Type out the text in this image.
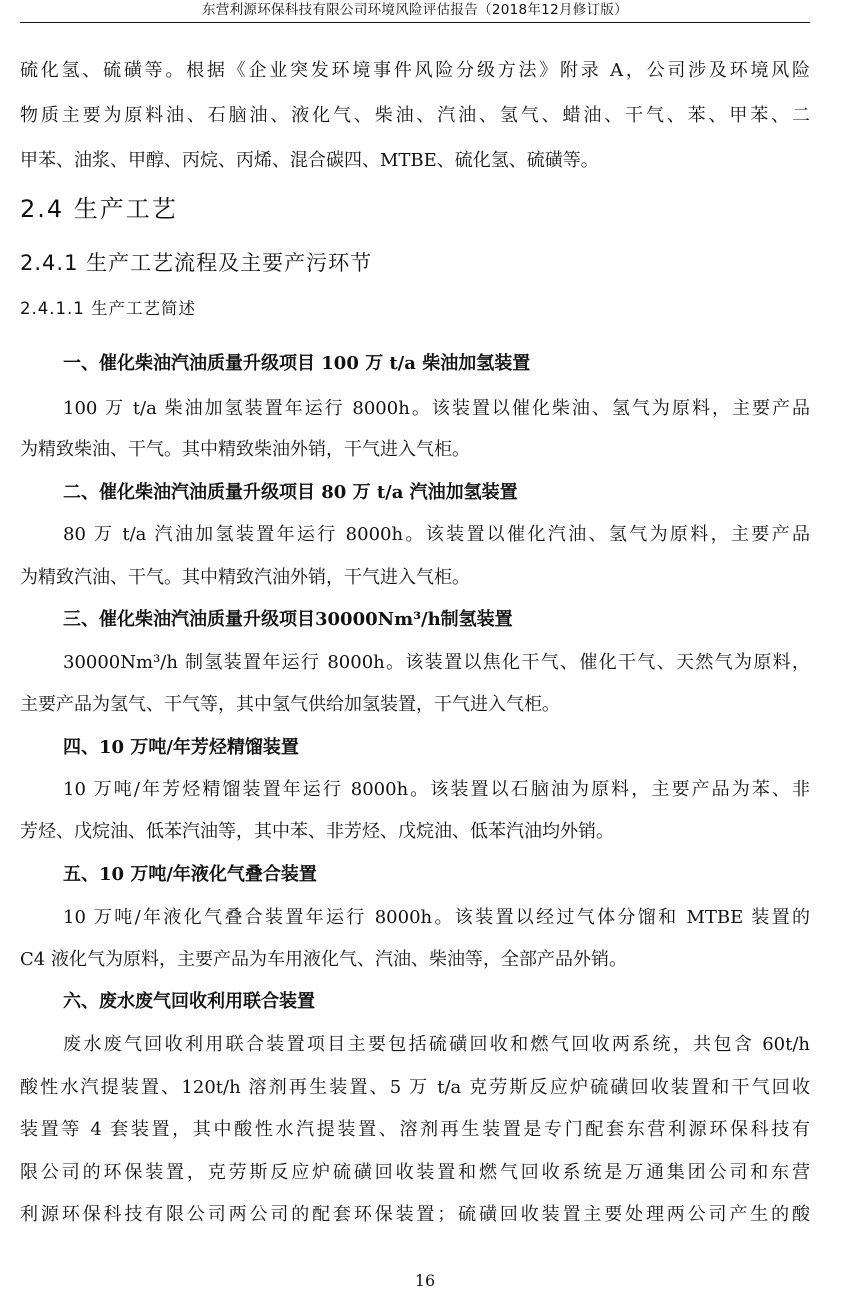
东营利源环保科技有限公司环境风险评估报告（2018年12月修订版）
硫化氢、硫磺等。根据《企业突发环境事件风险分级方法》附录 A，公司涉及环境风险
物质主要为原料油、石脑油、液化气、柴油、汽油、氢气、蜡油、干气、苯、甲苯、二
甲苯、油浆、甲醇、丙烷、丙烯、混合碳四、MTBE、硫化氢、硫磺等。
2.4 生产工艺
2.4.1 生产工艺流程及主要产污环节
2.4.1.1 生产工艺简述
一、催化柴油汽油质量升级项目 100 万 t/a 柴油加氢装置
100 万 t/a 柴油加氢装置年运行 8000h。该装置以催化柴油、氢气为原料，主要产品
为精致柴油、干气。其中精致柴油外销，干气进入气柜。
二、催化柴油汽油质量升级项目 80 万 t/a 汽油加氢装置
80 万 t/a 汽油加氢装置年运行 8000h。该装置以催化汽油、氢气为原料，主要产品
为精致汽油、干气。其中精致汽油外销，干气进入气柜。
三、催化柴油汽油质量升级项目30000Nm³/h制氢装置
30000Nm³/h 制氢装置年运行 8000h。该装置以焦化干气、催化干气、天然气为原料，
主要产品为氢气、干气等，其中氢气供给加氢装置，干气进入气柜。
四、10 万吨/年芳烃精馏装置
10 万吨/年芳烃精馏装置年运行 8000h。该装置以石脑油为原料，主要产品为苯、非
芳烃、戊烷油、低苯汽油等，其中苯、非芳烃、戊烷油、低苯汽油均外销。
五、10 万吨/年液化气叠合装置
10 万吨/年液化气叠合装置年运行 8000h。该装置以经过气体分馏和 MTBE 装置的
C4 液化气为原料，主要产品为车用液化气、汽油、柴油等，全部产品外销。
六、废水废气回收利用联合装置
废水废气回收利用联合装置项目主要包括硫磺回收和燃气回收两系统，共包含 60t/h
酸性水汽提装置、120t/h 溶剂再生装置、5 万 t/a 克劳斯反应炉硫磺回收装置和干气回收
装置等 4 套装置，其中酸性水汽提装置、溶剂再生装置是专门配套东营利源环保科技有
限公司的环保装置，克劳斯反应炉硫磺回收装置和燃气回收系统是万通集团公司和东营
利源环保科技有限公司两公司的配套环保装置；硫磺回收装置主要处理两公司产生的酸
16
